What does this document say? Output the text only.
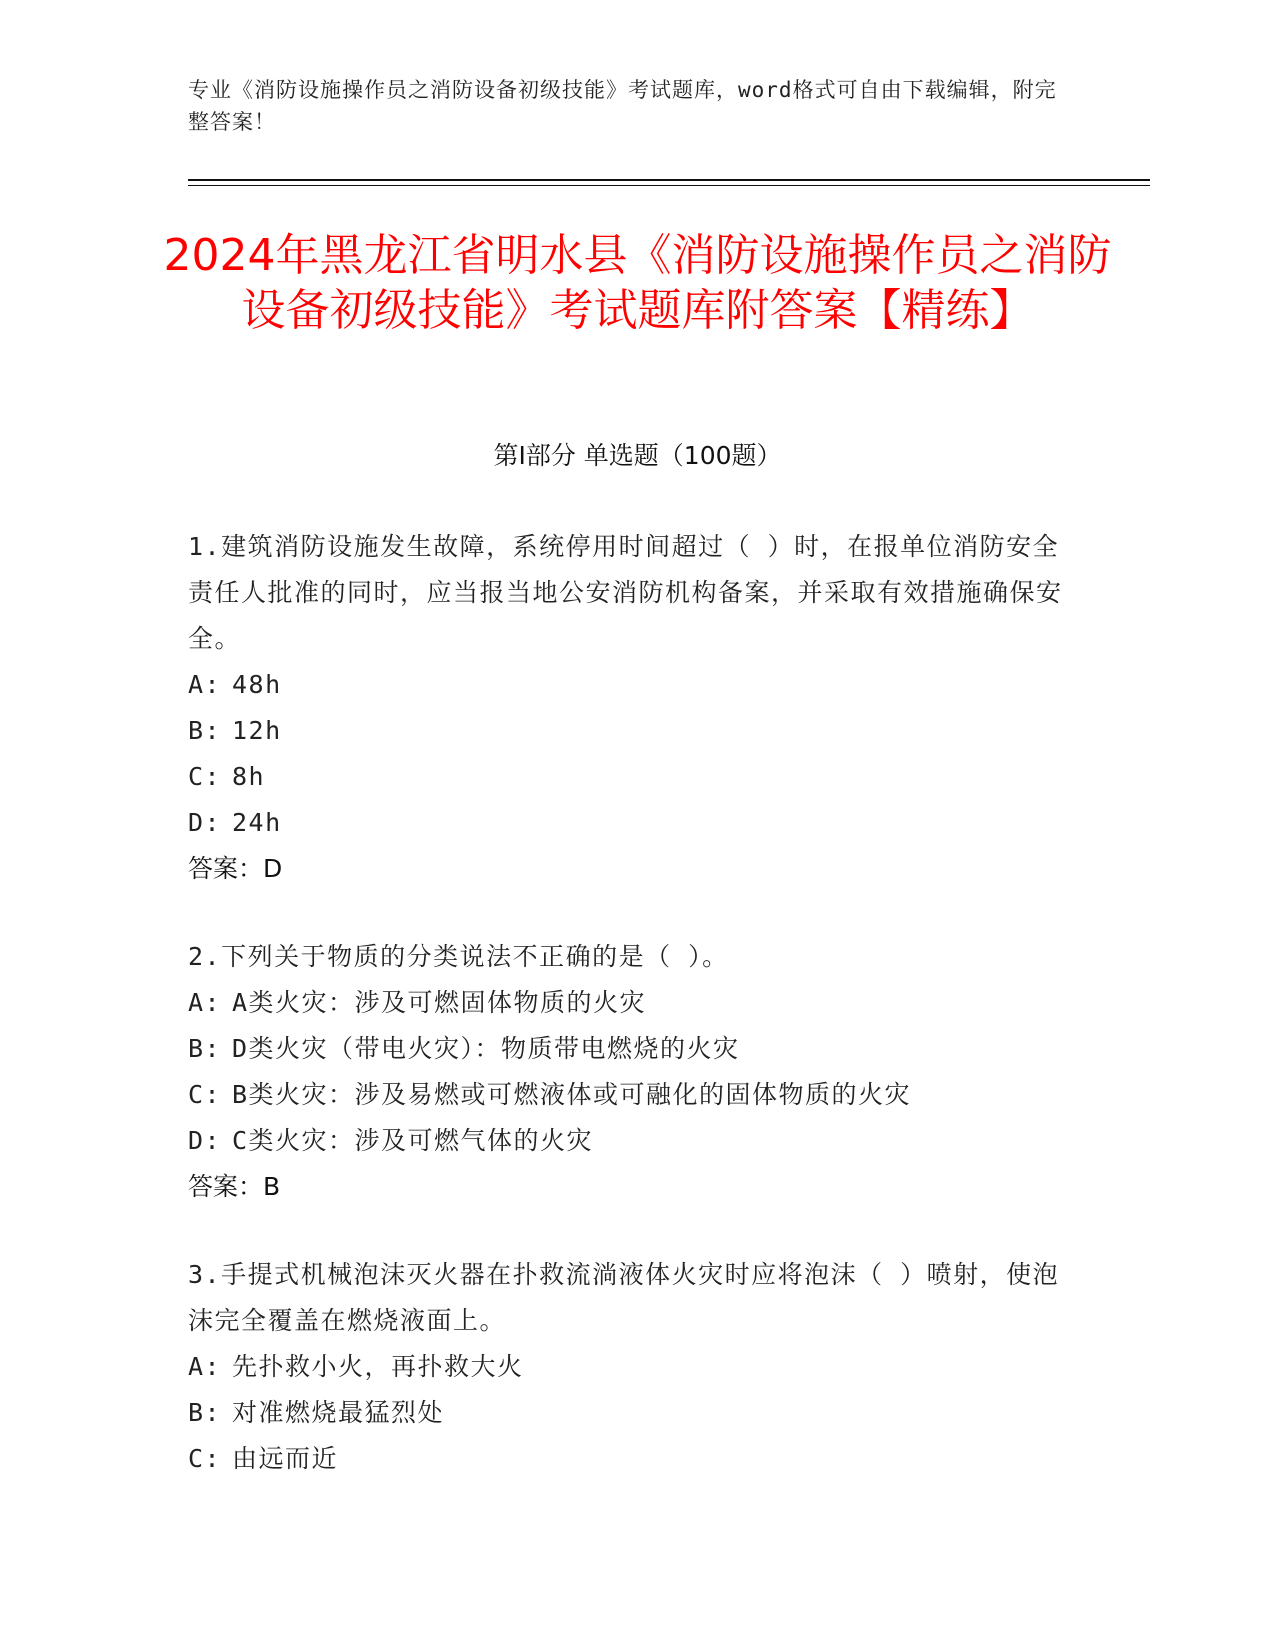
专业《消防设施操作员之消防设备初级技能》考试题库，word格式可自由下载编辑，附完整答案！
2024年黑龙江省明水县《消防设施操作员之消防设备初级技能》考试题库附答案【精练】
第I部分 单选题（100题）
1.建筑消防设施发生故障，系统停用时间超过（ ）时，在报单位消防安全责任人批准的同时，应当报当地公安消防机构备案，并采取有效措施确保安全。
A: 48h
B: 12h
C: 8h
D: 24h
答案：D
2.下列关于物质的分类说法不正确的是（ ）。
A: A类火灾：涉及可燃固体物质的火灾
B: D类火灾（带电火灾）：物质带电燃烧的火灾
C: B类火灾：涉及易燃或可燃液体或可融化的固体物质的火灾
D: C类火灾：涉及可燃气体的火灾
答案：B
3.手提式机械泡沫灭火器在扑救流淌液体火灾时应将泡沫（ ）喷射，使泡沫完全覆盖在燃烧液面上。
A: 先扑救小火，再扑救大火
B: 对准燃烧最猛烈处
C: 由远而近
